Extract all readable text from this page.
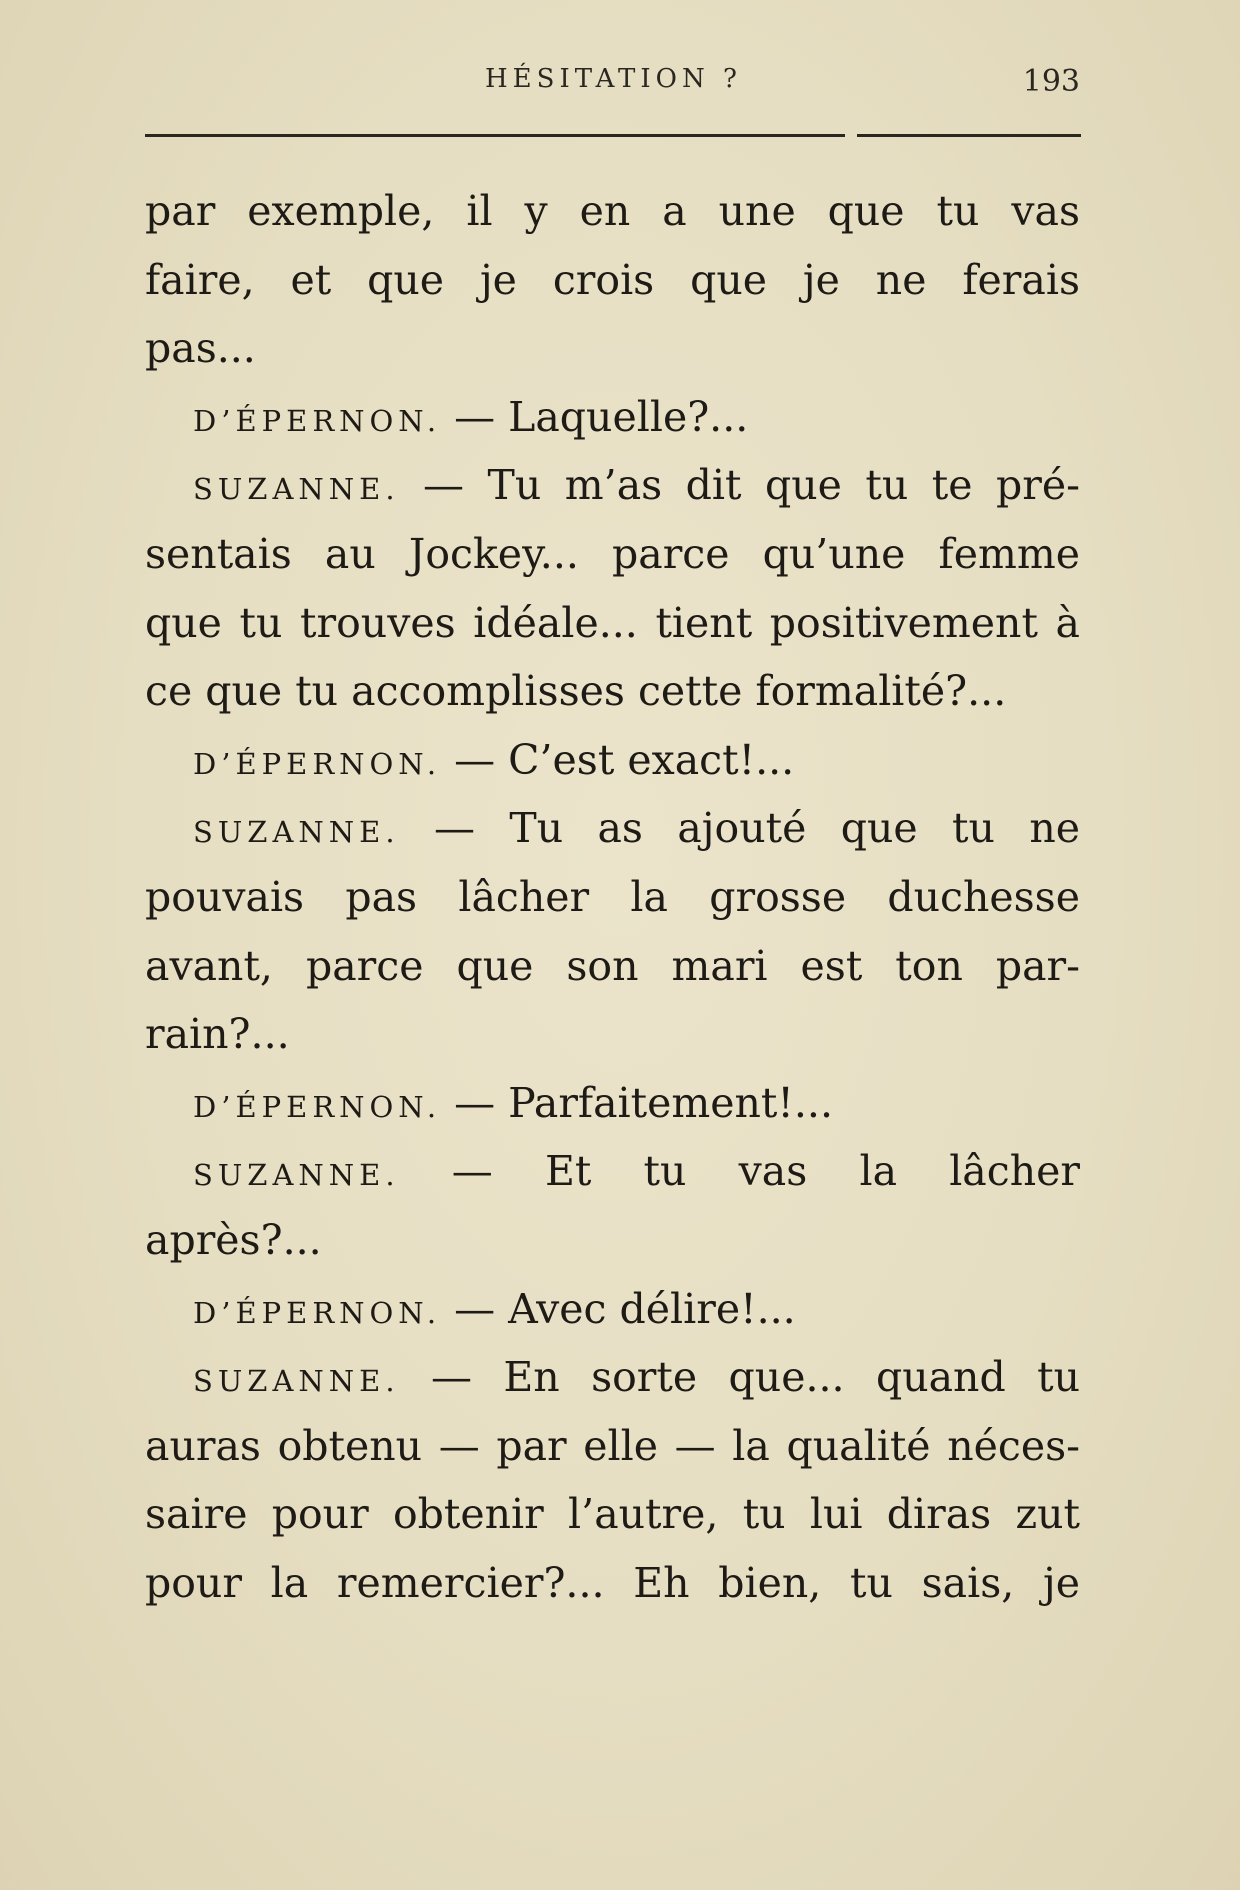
HÉSITATION ?	193
par exemple, il y en a une que tu vas
faire, et que je crois que je ne ferais
pas...
D’ÉPERNON. — Laquelle?...
SUZANNE. — Tu m’as dit que tu te pré-
sentais au Jockey... parce qu’une femme
que tu trouves idéale... tient positivement à
ce que tu accomplisses cette formalité?...
D’ÉPERNON. — C’est exact!...
SUZANNE. — Tu as ajouté que tu ne
pouvais pas lâcher la grosse duchesse
avant, parce que son mari est ton par-
rain?...
D’ÉPERNON. — Parfaitement!...
SUZANNE. — Et tu vas la lâcher
après?...
D’ÉPERNON. — Avec délire!...
SUZANNE. — En sorte que... quand tu
auras obtenu — par elle — la qualité néces-
saire pour obtenir l’autre, tu lui diras zut
pour la remercier?... Eh bien, tu sais, je
